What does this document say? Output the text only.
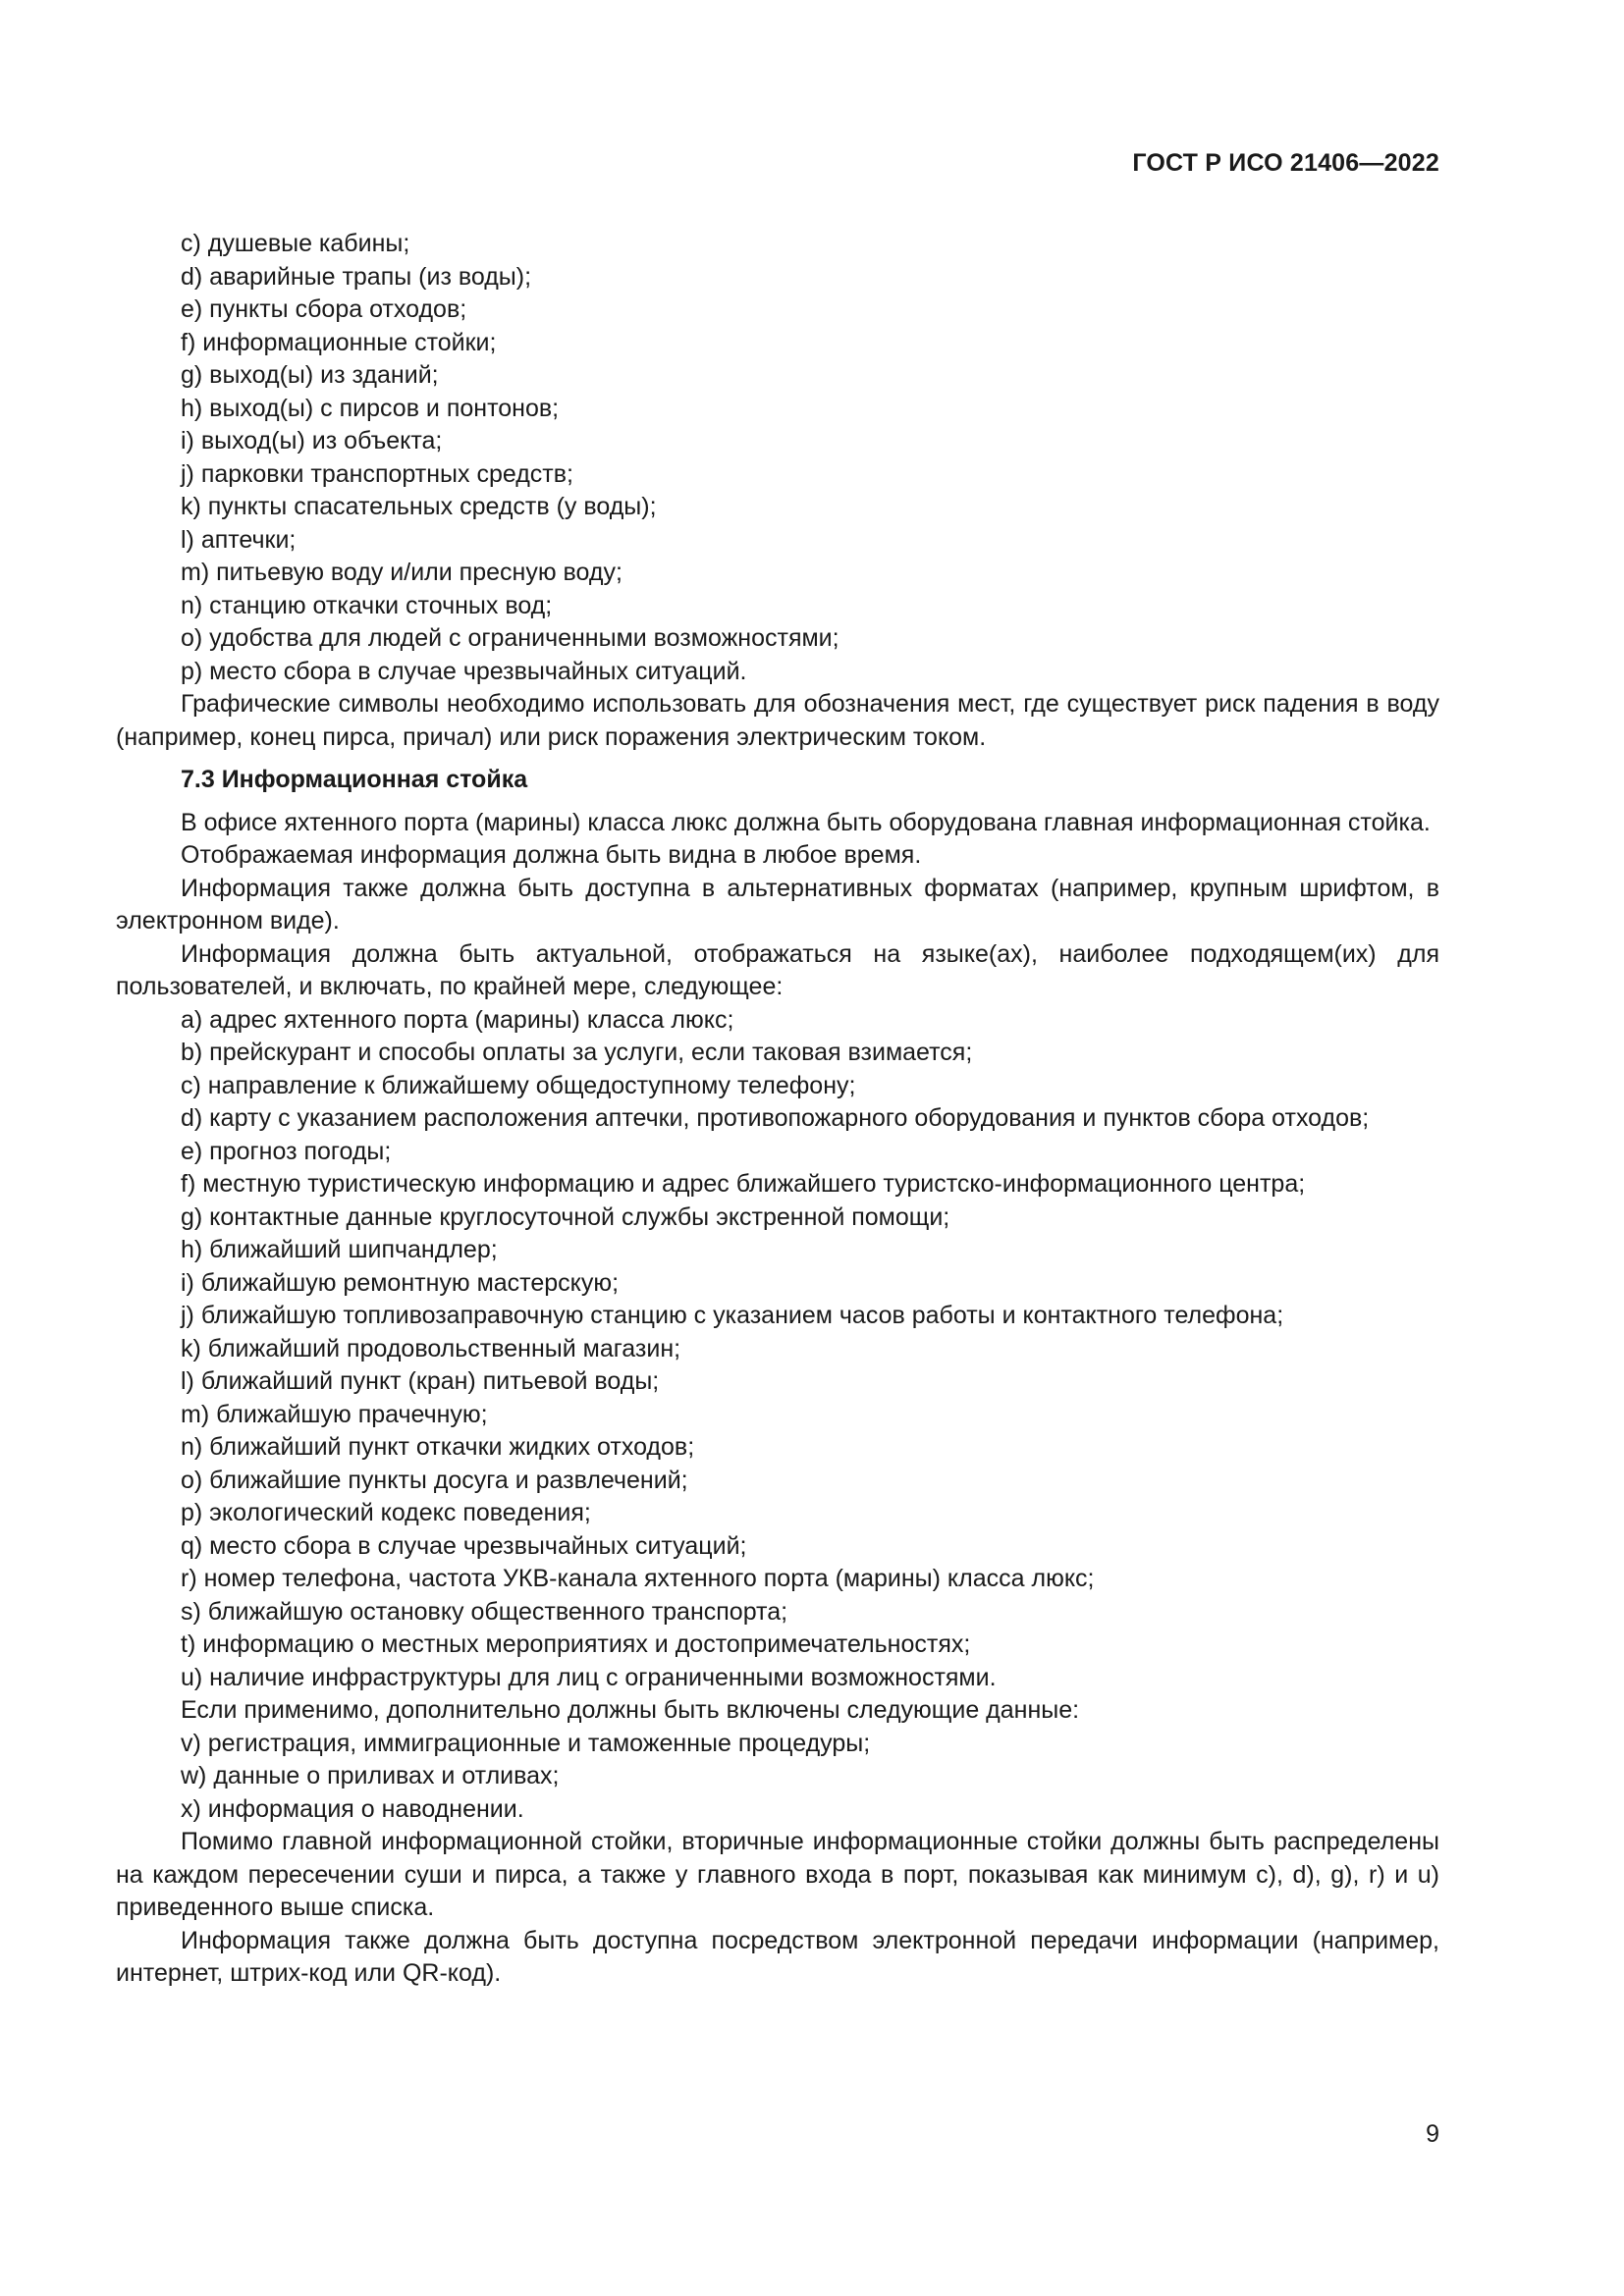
ГОСТ Р ИСО 21406—2022
c) душевые кабины;
d) аварийные трапы (из воды);
e) пункты сбора отходов;
f) информационные стойки;
g) выход(ы) из зданий;
h) выход(ы) с пирсов и понтонов;
i) выход(ы) из объекта;
j) парковки транспортных средств;
k) пункты спасательных средств (у воды);
l) аптечки;
m) питьевую воду и/или пресную воду;
n) станцию откачки сточных вод;
o) удобства для людей с ограниченными возможностями;
p) место сбора в случае чрезвычайных ситуаций.
Графические символы необходимо использовать для обозначения мест, где существует риск падения в воду (например, конец пирса, причал) или риск поражения электрическим током.
7.3 Информационная стойка
В офисе яхтенного порта (марины) класса люкс должна быть оборудована главная информационная стойка.
Отображаемая информация должна быть видна в любое время.
Информация также должна быть доступна в альтернативных форматах (например, крупным шрифтом, в электронном виде).
Информация должна быть актуальной, отображаться на языке(ах), наиболее подходящем(их) для пользователей, и включать, по крайней мере, следующее:
a) адрес яхтенного порта (марины) класса люкс;
b) прейскурант и способы оплаты за услуги, если таковая взимается;
c) направление к ближайшему общедоступному телефону;
d) карту с указанием расположения аптечки, противопожарного оборудования и пунктов сбора отходов;
e) прогноз погоды;
f) местную туристическую информацию и адрес ближайшего туристско-информационного центра;
g) контактные данные круглосуточной службы экстренной помощи;
h) ближайший шипчандлер;
i) ближайшую ремонтную мастерскую;
j) ближайшую топливозаправочную станцию с указанием часов работы и контактного телефона;
k) ближайший продовольственный магазин;
l) ближайший пункт (кран) питьевой воды;
m) ближайшую прачечную;
n) ближайший пункт откачки жидких отходов;
o) ближайшие пункты досуга и развлечений;
p) экологический кодекс поведения;
q) место сбора в случае чрезвычайных ситуаций;
r) номер телефона, частота УКВ-канала яхтенного порта (марины) класса люкс;
s) ближайшую остановку общественного транспорта;
t) информацию о местных мероприятиях и достопримечательностях;
u) наличие инфраструктуры для лиц с ограниченными возможностями.
Если применимо, дополнительно должны быть включены следующие данные:
v) регистрация, иммиграционные и таможенные процедуры;
w) данные о приливах и отливах;
x) информация о наводнении.
Помимо главной информационной стойки, вторичные информационные стойки должны быть распределены на каждом пересечении суши и пирса, а также у главного входа в порт, показывая как минимум c), d), g), r) и u) приведенного выше списка.
Информация также должна быть доступна посредством электронной передачи информации (например, интернет, штрих-код или QR-код).
9
